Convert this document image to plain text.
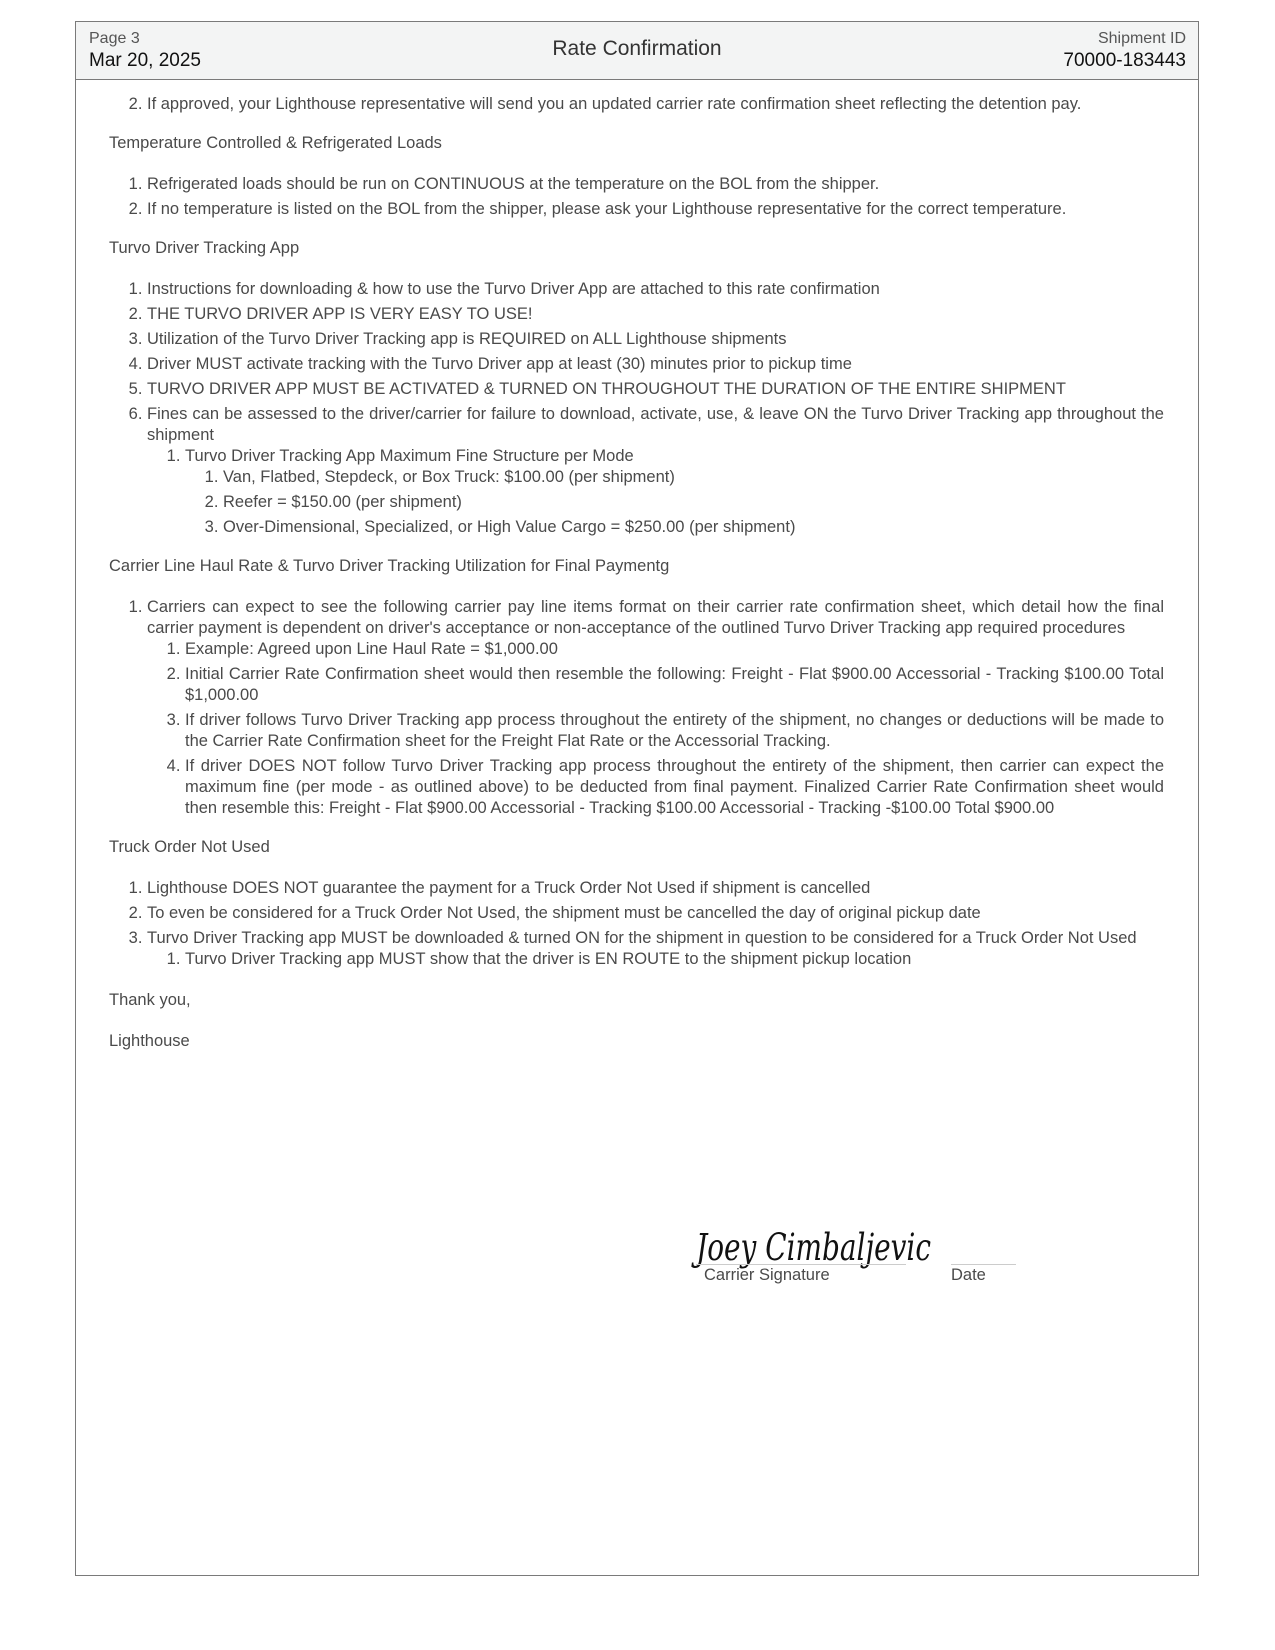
Page 3
Mar 20, 2025
Rate Confirmation	Shipment ID
70000-183443
2. If approved, your Lighthouse representative will send you an updated carrier rate confirmation sheet reflecting the detention pay.
Temperature Controlled & Refrigerated Loads
1. Refrigerated loads should be run on CONTINUOUS at the temperature on the BOL from the shipper.
2. If no temperature is listed on the BOL from the shipper, please ask your Lighthouse representative for the correct temperature.
Turvo Driver Tracking App
1. Instructions for downloading & how to use the Turvo Driver App are attached to this rate confirmation
2. THE TURVO DRIVER APP IS VERY EASY TO USE!
3. Utilization of the Turvo Driver Tracking app is REQUIRED on ALL Lighthouse shipments
4. Driver MUST activate tracking with the Turvo Driver app at least (30) minutes prior to pickup time
5. TURVO DRIVER APP MUST BE ACTIVATED & TURNED ON THROUGHOUT THE DURATION OF THE ENTIRE SHIPMENT
6. Fines can be assessed to the driver/carrier for failure to download, activate, use, & leave ON the Turvo Driver Tracking app throughout the shipment
1. Turvo Driver Tracking App Maximum Fine Structure per Mode
1. Van, Flatbed, Stepdeck, or Box Truck: $100.00 (per shipment)
2. Reefer = $150.00 (per shipment)
3. Over-Dimensional, Specialized, or High Value Cargo = $250.00 (per shipment)
Carrier Line Haul Rate & Turvo Driver Tracking Utilization for Final Paymentg
1. Carriers can expect to see the following carrier pay line items format on their carrier rate confirmation sheet, which detail how the final carrier payment is dependent on driver's acceptance or non-acceptance of the outlined Turvo Driver Tracking app required procedures
1. Example: Agreed upon Line Haul Rate = $1,000.00
2. Initial Carrier Rate Confirmation sheet would then resemble the following: Freight - Flat $900.00 Accessorial - Tracking $100.00 Total $1,000.00
3. If driver follows Turvo Driver Tracking app process throughout the entirety of the shipment, no changes or deductions will be made to the Carrier Rate Confirmation sheet for the Freight Flat Rate or the Accessorial Tracking.
4. If driver DOES NOT follow Turvo Driver Tracking app process throughout the entirety of the shipment, then carrier can expect the maximum fine (per mode - as outlined above) to be deducted from final payment. Finalized Carrier Rate Confirmation sheet would then resemble this: Freight - Flat $900.00 Accessorial - Tracking $100.00 Accessorial - Tracking -$100.00 Total $900.00
Truck Order Not Used
1. Lighthouse DOES NOT guarantee the payment for a Truck Order Not Used if shipment is cancelled
2. To even be considered for a Truck Order Not Used, the shipment must be cancelled the day of original pickup date
3. Turvo Driver Tracking app MUST be downloaded & turned ON for the shipment in question to be considered for a Truck Order Not Used
1. Turvo Driver Tracking app MUST show that the driver is EN ROUTE to the shipment pickup location
Thank you,
Lighthouse
Joey Cimbaljevic
Carrier Signature	Date
